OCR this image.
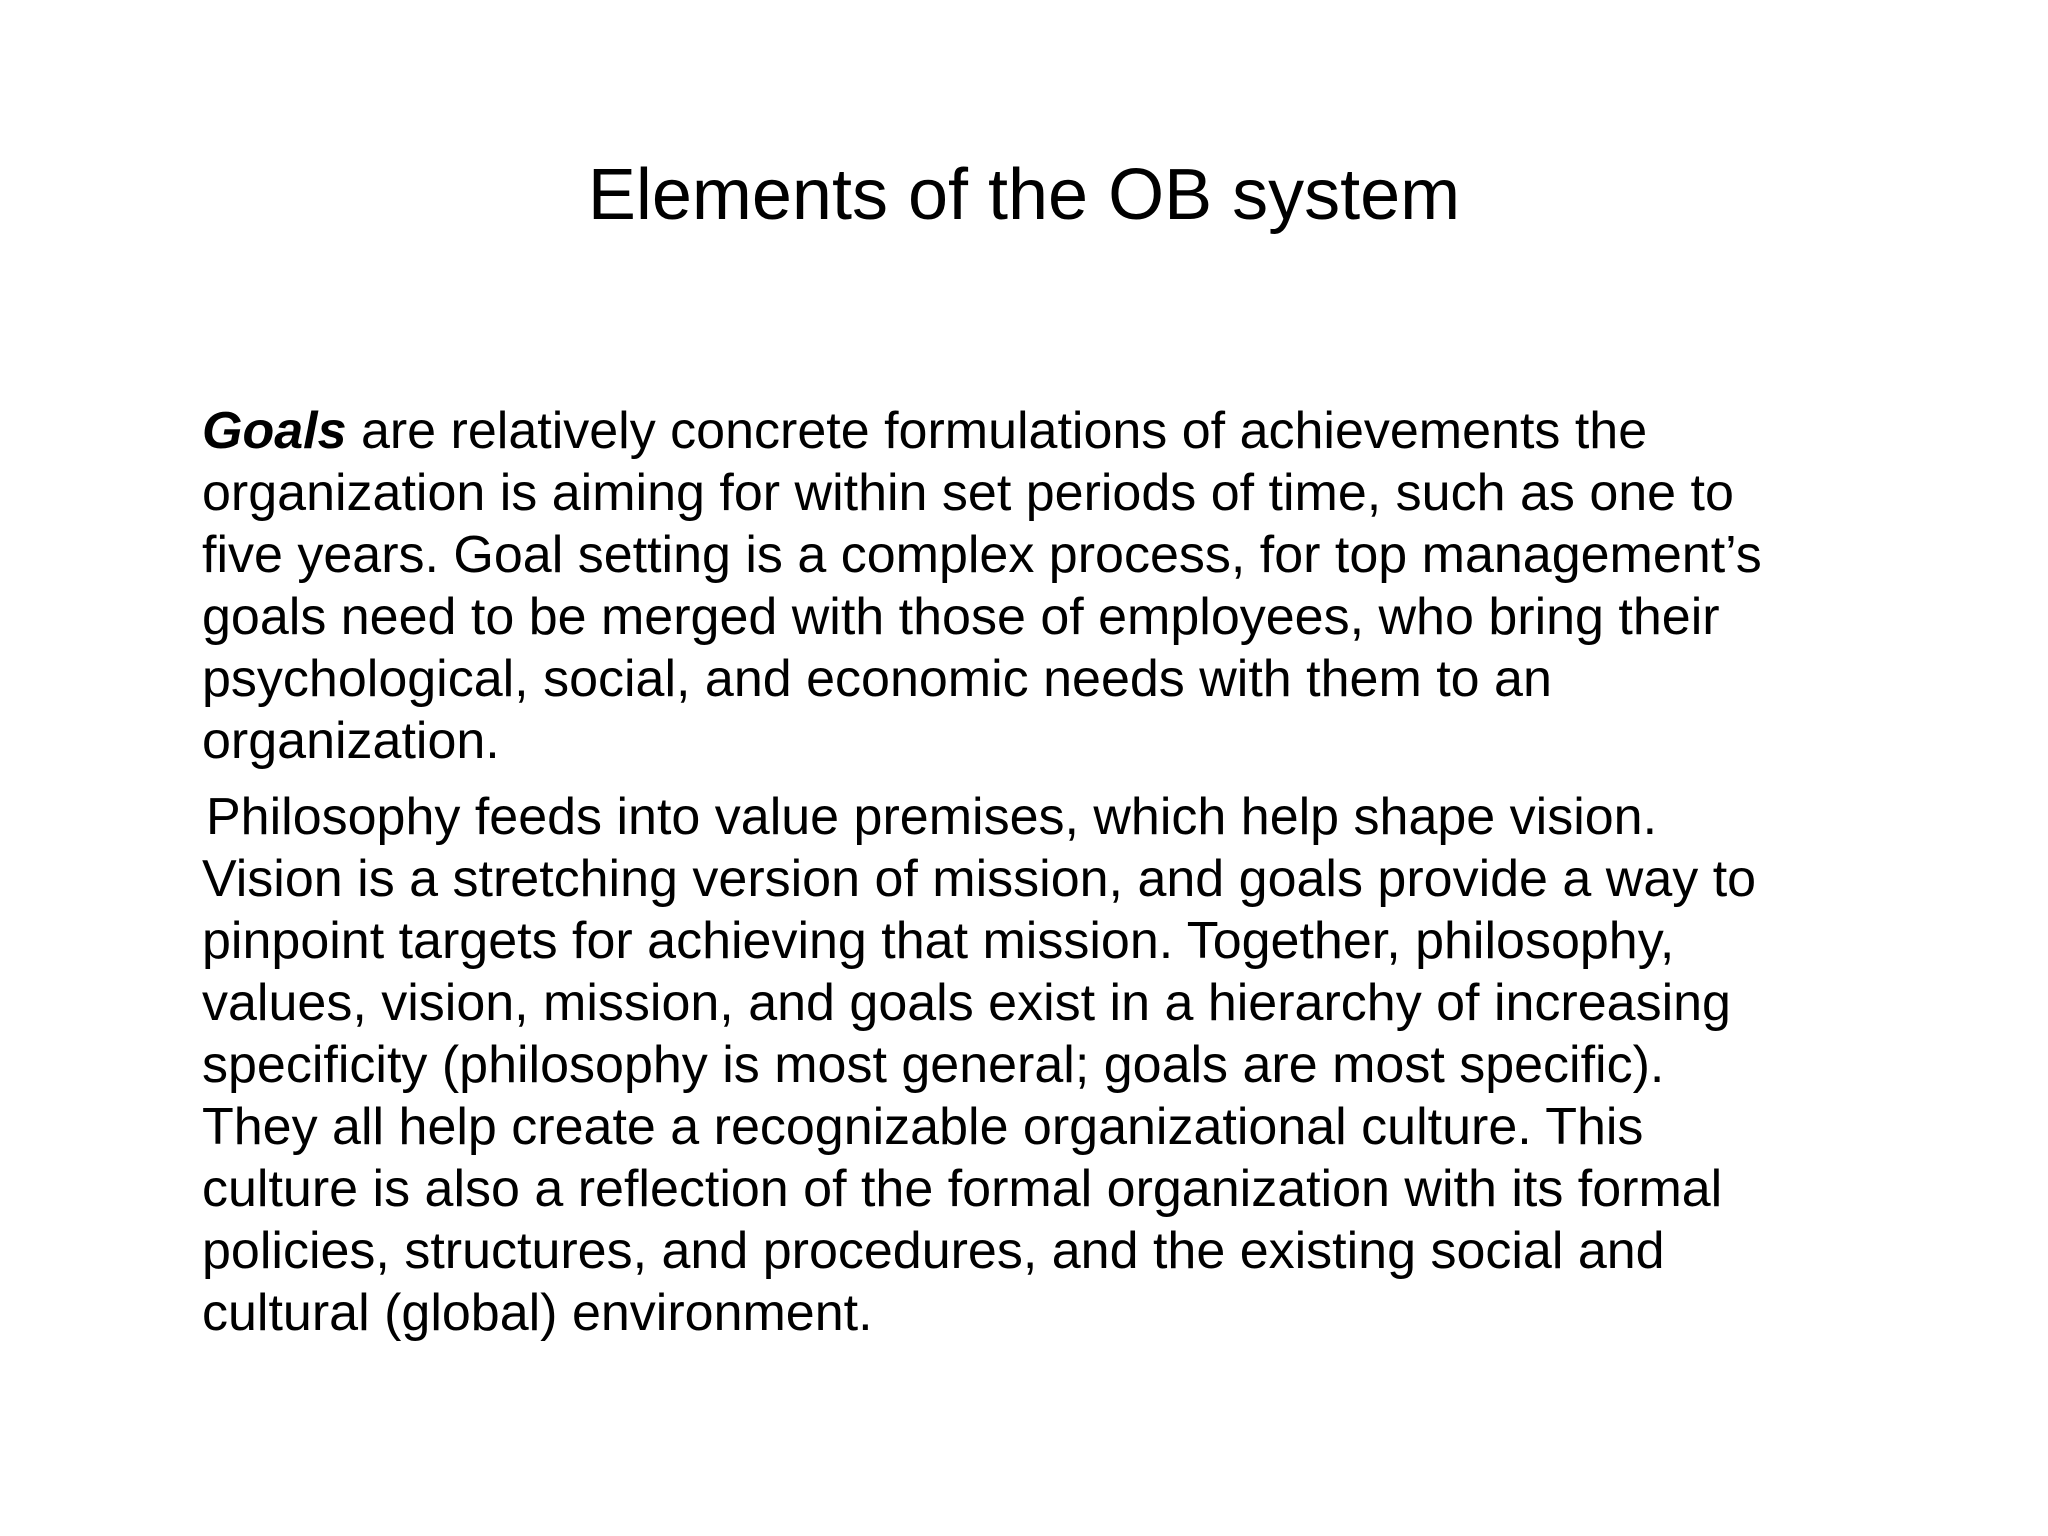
Elements of the OB system

Goals are relatively concrete formulations of achievements the
organization is aiming for within set periods of time, such as one to
five years. Goal setting is a complex process, for top management’s
goals need to be merged with those of employees, who bring their
psychological, social, and economic needs with them to an
organization.

Philosophy feeds into value premises, which help shape vision.
Vision is a stretching version of mission, and goals provide a way to
pinpoint targets for achieving that mission. Together, philosophy,
values, vision, mission, and goals exist in a hierarchy of increasing
specificity (philosophy is most general; goals are most specific).
They all help create a recognizable organizational culture. This
culture is also a reflection of the formal organization with its formal
policies, structures, and procedures, and the existing social and
cultural (global) environment.
